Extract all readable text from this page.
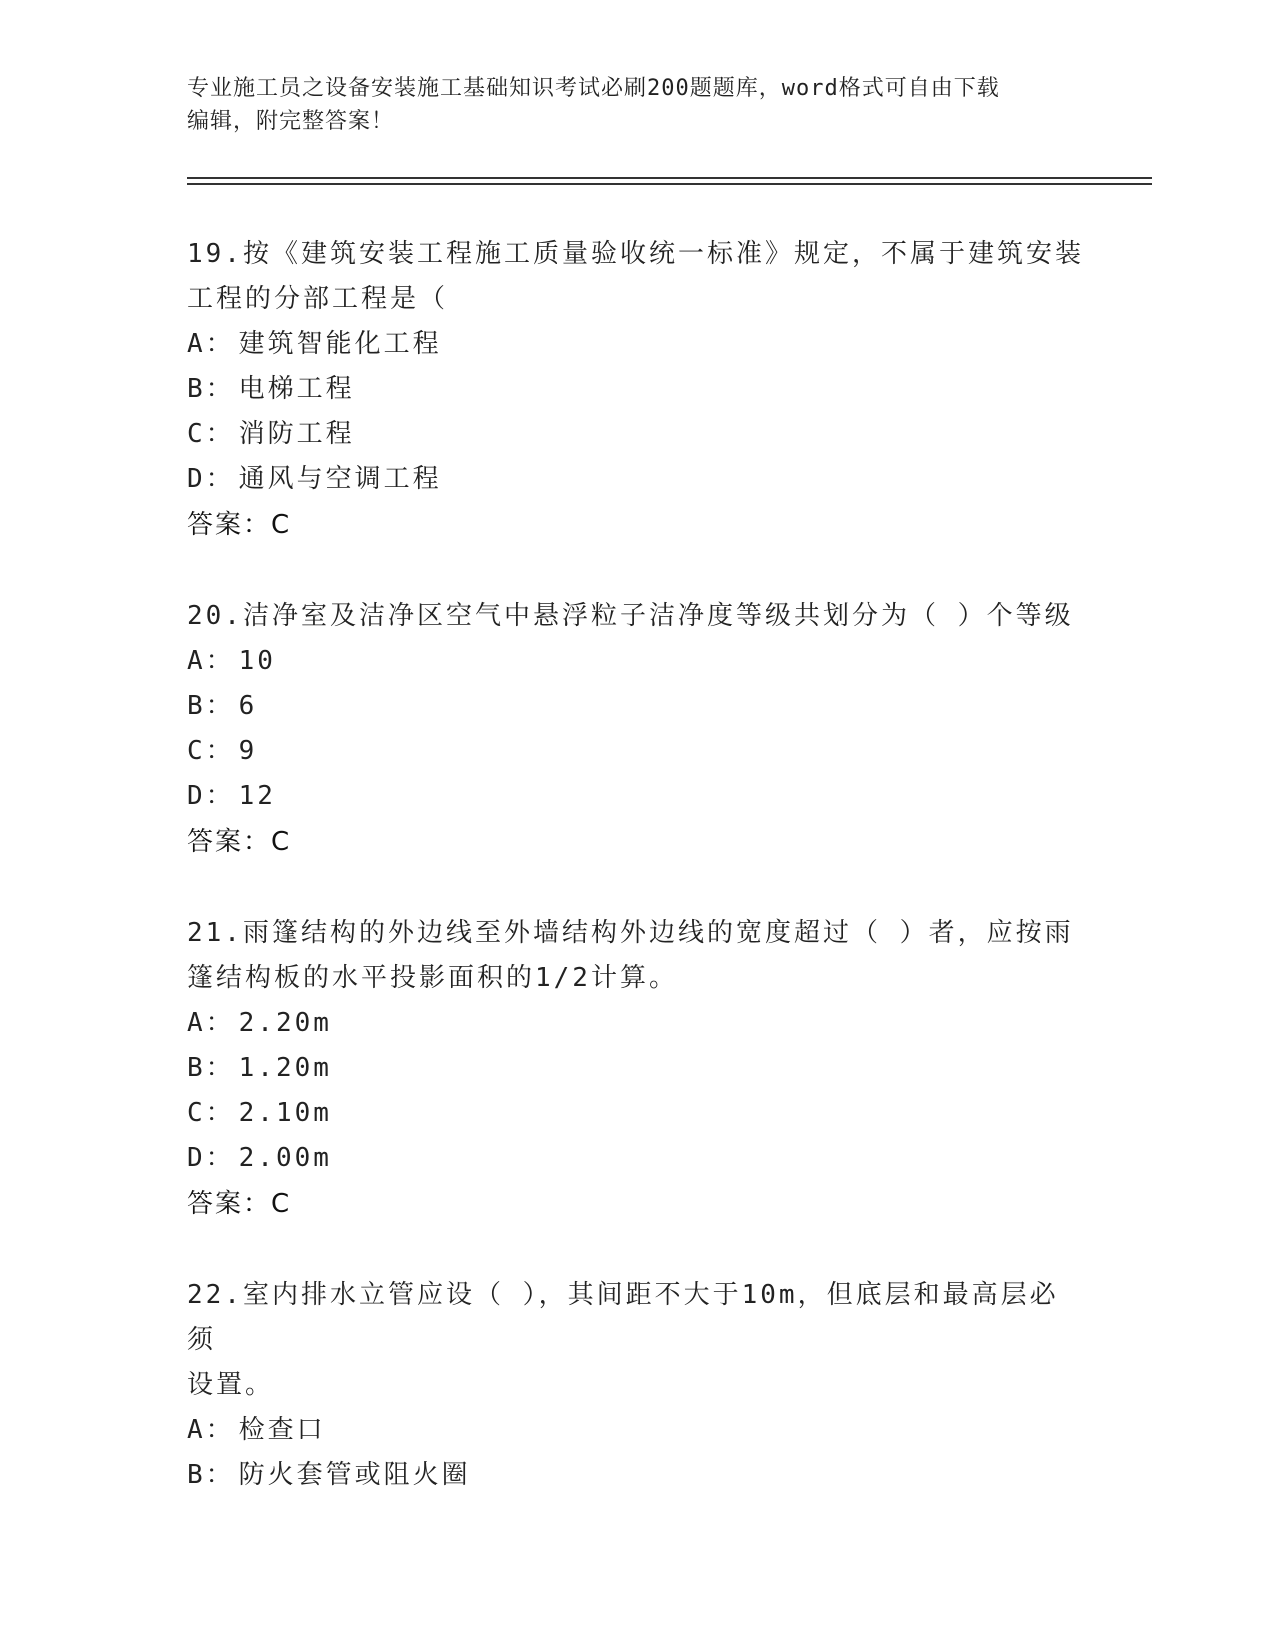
专业施工员之设备安装施工基础知识考试必刷200题题库，word格式可自由下载
编辑，附完整答案！
19.按《建筑安装工程施工质量验收统一标准》规定，不属于建筑安装
工程的分部工程是（
A： 建筑智能化工程
B： 电梯工程
C： 消防工程
D： 通风与空调工程
答案：C
20.洁净室及洁净区空气中悬浮粒子洁净度等级共划分为（ ）个等级
A： 10
B： 6
C： 9
D： 12
答案：C
21.雨篷结构的外边线至外墙结构外边线的宽度超过（ ）者，应按雨
篷结构板的水平投影面积的1/2计算。
A： 2.20m
B： 1.20m
C： 2.10m
D： 2.00m
答案：C
22.室内排水立管应设（ ），其间距不大于10m，但底层和最高层必须
设置。
A： 检查口
B： 防火套管或阻火圈
